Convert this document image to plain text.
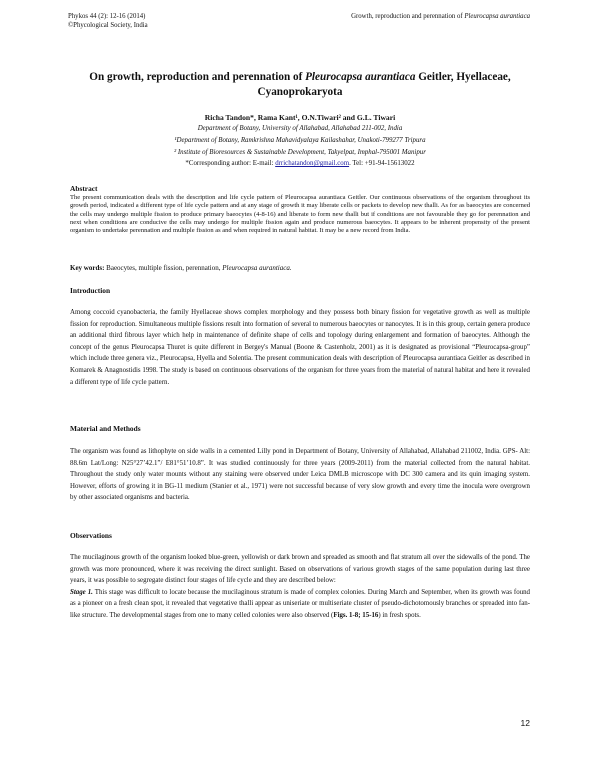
Phykos 44 (2): 12-16 (2014)
©Phycological Society, India
Growth, reproduction and perennation of Pleurocapsa aurantiaca
On growth, reproduction and perennation of Pleurocapsa aurantiaca Geitler, Hyellaceae,
Cyanoprokaryota
Richa Tandon*, Rama Kant¹, O.N.Tiwari² and G.L. Tiwari
Department of Botany, University of Allahabad, Allahabad 211-002, India
¹Department of Botany, Ramkrishna Mahavidyalaya Kailashahar, Unakoti-799277 Tripura
² Institute of Bioresources & Sustainable Development, Takyelpat, Imphal-795001 Manipur
*Corresponding author: E-mail: drrichatandon@gmail.com. Tel: +91-94-15613022
Abstract
The present communication deals with the description and life cycle pattern of Pleurocapsa aurantiaca Geitler. Our continuous observations of the organism throughout its growth period, indicated a different type of life cycle pattern and at any stage of growth it may liberate cells or packets to develop new thalli. As for as baeocytes are concerned the cells may undergo multiple fission to produce primary baeocytes (4-8-16) and liberate to form new thalli but if conditions are not favourable they go for perennation and next when conditions are conducive the cells may undergo for multiple fission again and produce numerous baeocytes. It appears to be inherent propensity of the present organism to undertake perennation and multiple fission as and when required in natural habitat. It may be a new record from India.
Key words: Baeocytes, multiple fission, perennation, Pleurocapsa aurantiaca.
Introduction
Among coccoid cyanobacteria, the family Hyellaceae shows complex morphology and they possess both binary fission for vegetative growth as well as multiple fission for reproduction. Simultaneous multiple fissions result into formation of several to numerous baeocytes or nanocytes. It is in this group, certain genera produce an additional third fibrous layer which help in maintenance of definite shape of cells and topology during enlargement and formation of baeocytes. Although the concept of the genus Pleurocapsa Thuret is quite different in Bergey's Manual (Boone & Castenholz, 2001) as it is designated as provisional “Pleurocapsa-group” which include three genera viz., Pleurocapsa, Hyella and Solentia. The present communication deals with description of Pleurocapsa aurantiaca Geitler as described in Komarek & Anagnostidis 1998. The study is based on continuous observations of the organism for three years from the material of natural habitat and here it revealed a different type of life cycle pattern.
Material and Methods
The organism was found as lithophyte on side walls in a cemented Lilly pond in Department of Botany, University of Allahabad, Allahabad 211002, India. GPS- Alt: 88.6m Lat/Long: N25°27’42.1”/ E81°51’10.8”. It was studied continuously for three years (2009-2011) from the material collected from the natural habitat. Throughout the study only water mounts without any staining were observed under Leica DMLB microscope with DC 300 camera and its quin imaging system. However, efforts of growing it in BG-11 medium (Stanier et al., 1971) were not successful because of very slow growth and every time the inocula were overgrown by other associated organisms and bacteria.
Observations
The mucilaginous growth of the organism looked blue-green, yellowish or dark brown and spreaded as smooth and flat stratum all over the sidewalls of the pond. The growth was more pronounced, where it was receiving the direct sunlight. Based on observations of various growth stages of the same population during last three years, it was possible to segregate distinct four stages of life cycle and they are described below:
Stage 1. This stage was difficult to locate because the mucilaginous stratum is made of complex colonies. During March and September, when its growth was found as a pioneer on a fresh clean spot, it revealed that vegetative thalli appear as uniseriate or multiseriate cluster of pseudo-dichotomously branches or spreaded into fan-like structure. The developmental stages from one to many celled colonies were also observed (Figs. 1-8; 15-16) in fresh spots.
12
